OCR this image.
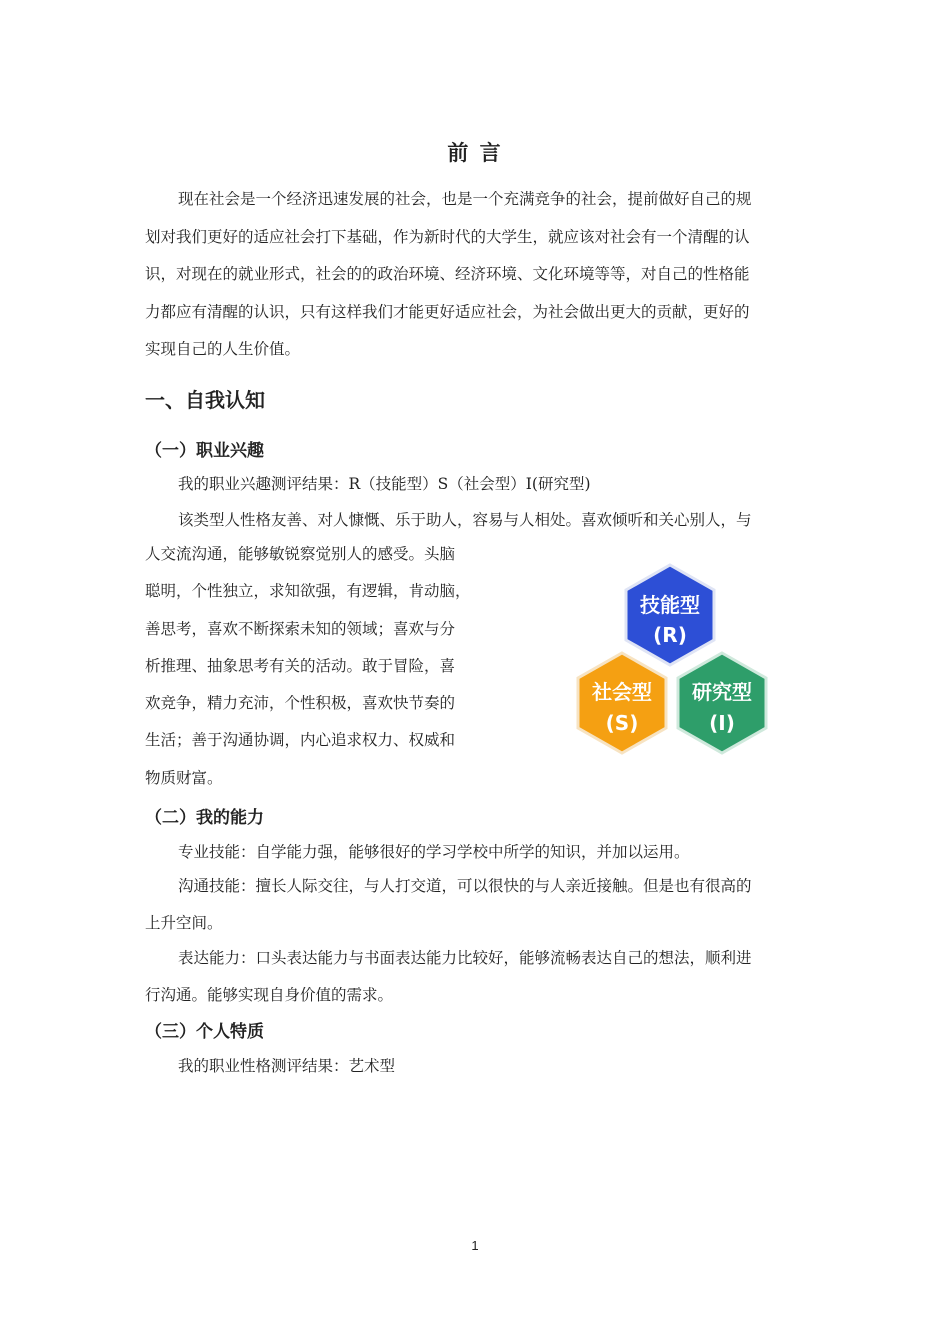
前 言
现在社会是一个经济迅速发展的社会，也是一个充满竞争的社会，提前做好自己的规
划对我们更好的适应社会打下基础，作为新时代的大学生，就应该对社会有一个清醒的认
识，对现在的就业形式，社会的的政治环境、经济环境、文化环境等等，对自己的性格能
力都应有清醒的认识，只有这样我们才能更好适应社会，为社会做出更大的贡献，更好的
实现自己的人生价值。
一、自我认知
（一）职业兴趣
我的职业兴趣测评结果：R（技能型）S（社会型）I(研究型)
该类型人性格友善、对人慷慨、乐于助人，容易与人相处。喜欢倾听和关心别人，与
人交流沟通，能够敏锐察觉别人的感受。头脑
聪明，个性独立，求知欲强，有逻辑，肯动脑，
善思考，喜欢不断探索未知的领域；喜欢与分
析推理、抽象思考有关的活动。敢于冒险，喜
欢竞争，精力充沛，个性积极，喜欢快节奏的
生活；善于沟通协调，内心追求权力、权威和
物质财富。
技能型
(R)
社会型
(S)
研究型
(I)
（二）我的能力
专业技能：自学能力强，能够很好的学习学校中所学的知识，并加以运用。
沟通技能：擅长人际交往，与人打交道，可以很快的与人亲近接触。但是也有很高的
上升空间。
表达能力：口头表达能力与书面表达能力比较好，能够流畅表达自己的想法，顺利进
行沟通。能够实现自身价值的需求。
（三）个人特质
我的职业性格测评结果：艺术型
1
